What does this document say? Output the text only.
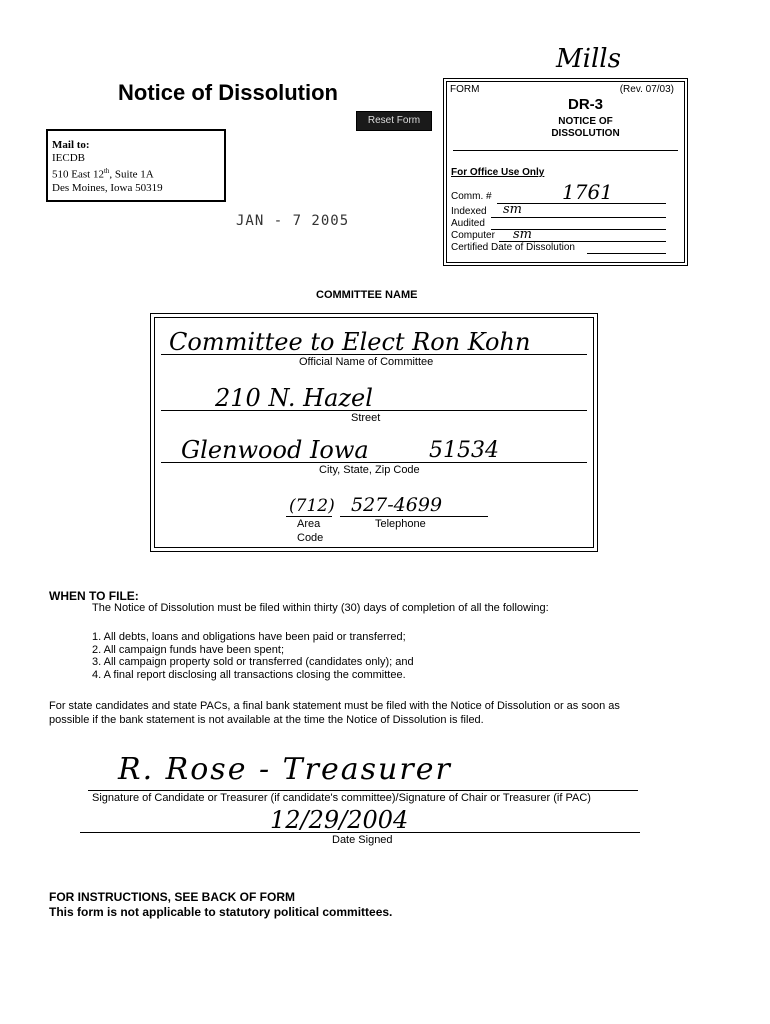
Mills
Notice of Dissolution
Reset Form
Mail to:
IECDB
510 East 12th, Suite 1A
Des Moines, Iowa 50319
JAN - 7 2005
FORM	(Rev. 07/03)
DR-3
NOTICE OF
DISSOLUTION
For Office Use Only
Comm. #	1761
Indexed sm
Audited
Computer sm
Certified Date of Dissolution
COMMITTEE NAME
Committee to Elect Ron Kohn
Official Name of Committee
210 N. Hazel
Street
Glenwood Iowa	51534
City, State, Zip Code
(712) 527-4699
Area
Code
Telephone
WHEN TO FILE:
The Notice of Dissolution must be filed within thirty (30) days of completion of all the following:
1. All debts, loans and obligations have been paid or transferred;
2. All campaign funds have been spent;
3. All campaign property sold or transferred (candidates only); and
4. A final report disclosing all transactions closing the committee.
For state candidates and state PACs, a final bank statement must be filed with the Notice of Dissolution or as soon as
possible if the bank statement is not available at the time the Notice of Dissolution is filed.
R. Rose - Treasurer
Signature of Candidate or Treasurer (if candidate's committee)/Signature of Chair or Treasurer (if PAC)
12/29/2004
Date Signed
FOR INSTRUCTIONS, SEE BACK OF FORM
This form is not applicable to statutory political committees.
